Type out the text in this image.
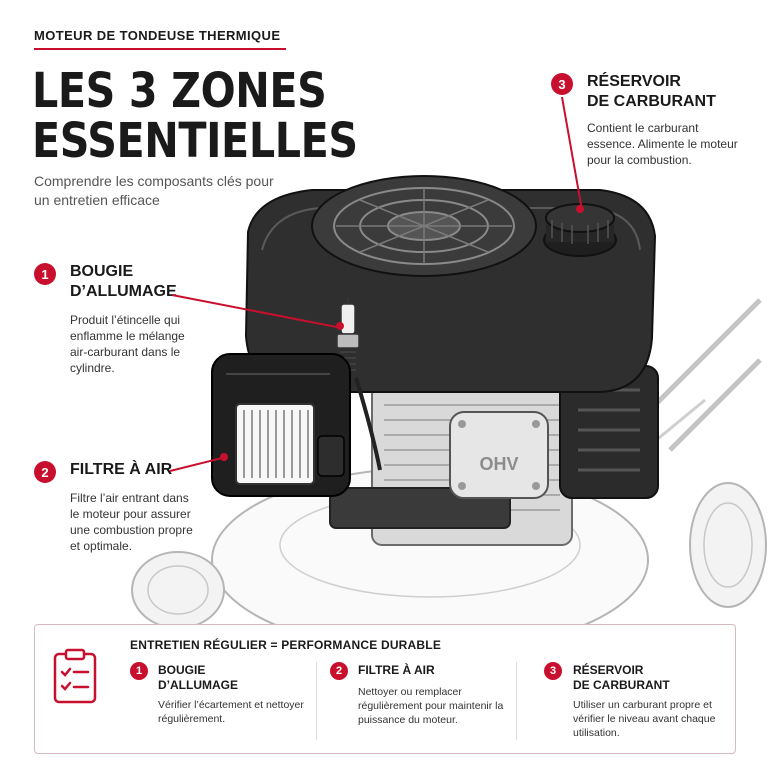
MOTEUR DE TONDEUSE THERMIQUE
LES 3 ZONES
ESSENTIELLES
Comprendre les composants clés pour un entretien efficace
OHV
1	BOUGIE
D’ALLUMAGE
Produit l’étincelle qui enflamme le mélange air-carburant dans le cylindre.
2	FILTRE À AIR
Filtre l’air entrant dans le moteur pour assurer une combustion propre et optimale.
3	RÉSERVOIR
DE CARBURANT
Contient le carburant essence. Alimente le moteur pour la combustion.
ENTRETIEN RÉGULIER = PERFORMANCE DURABLE
1	BOUGIE
D’ALLUMAGE
Vérifier l’écartement et nettoyer régulièrement.
2	FILTRE À AIR
Nettoyer ou remplacer régulièrement pour maintenir la puissance du moteur.
3	RÉSERVOIR
DE CARBURANT
Utiliser un carburant propre et vérifier le niveau avant chaque utilisation.
